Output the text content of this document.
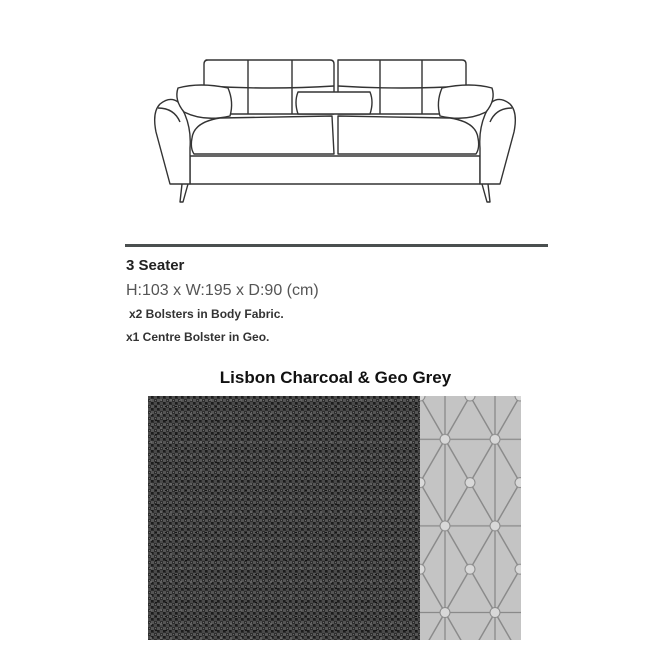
3 Seater
H:103 x W:195 x D:90 (cm)
x2 Bolsters in Body Fabric.
x1 Centre Bolster in Geo.
Lisbon Charcoal & Geo Grey
